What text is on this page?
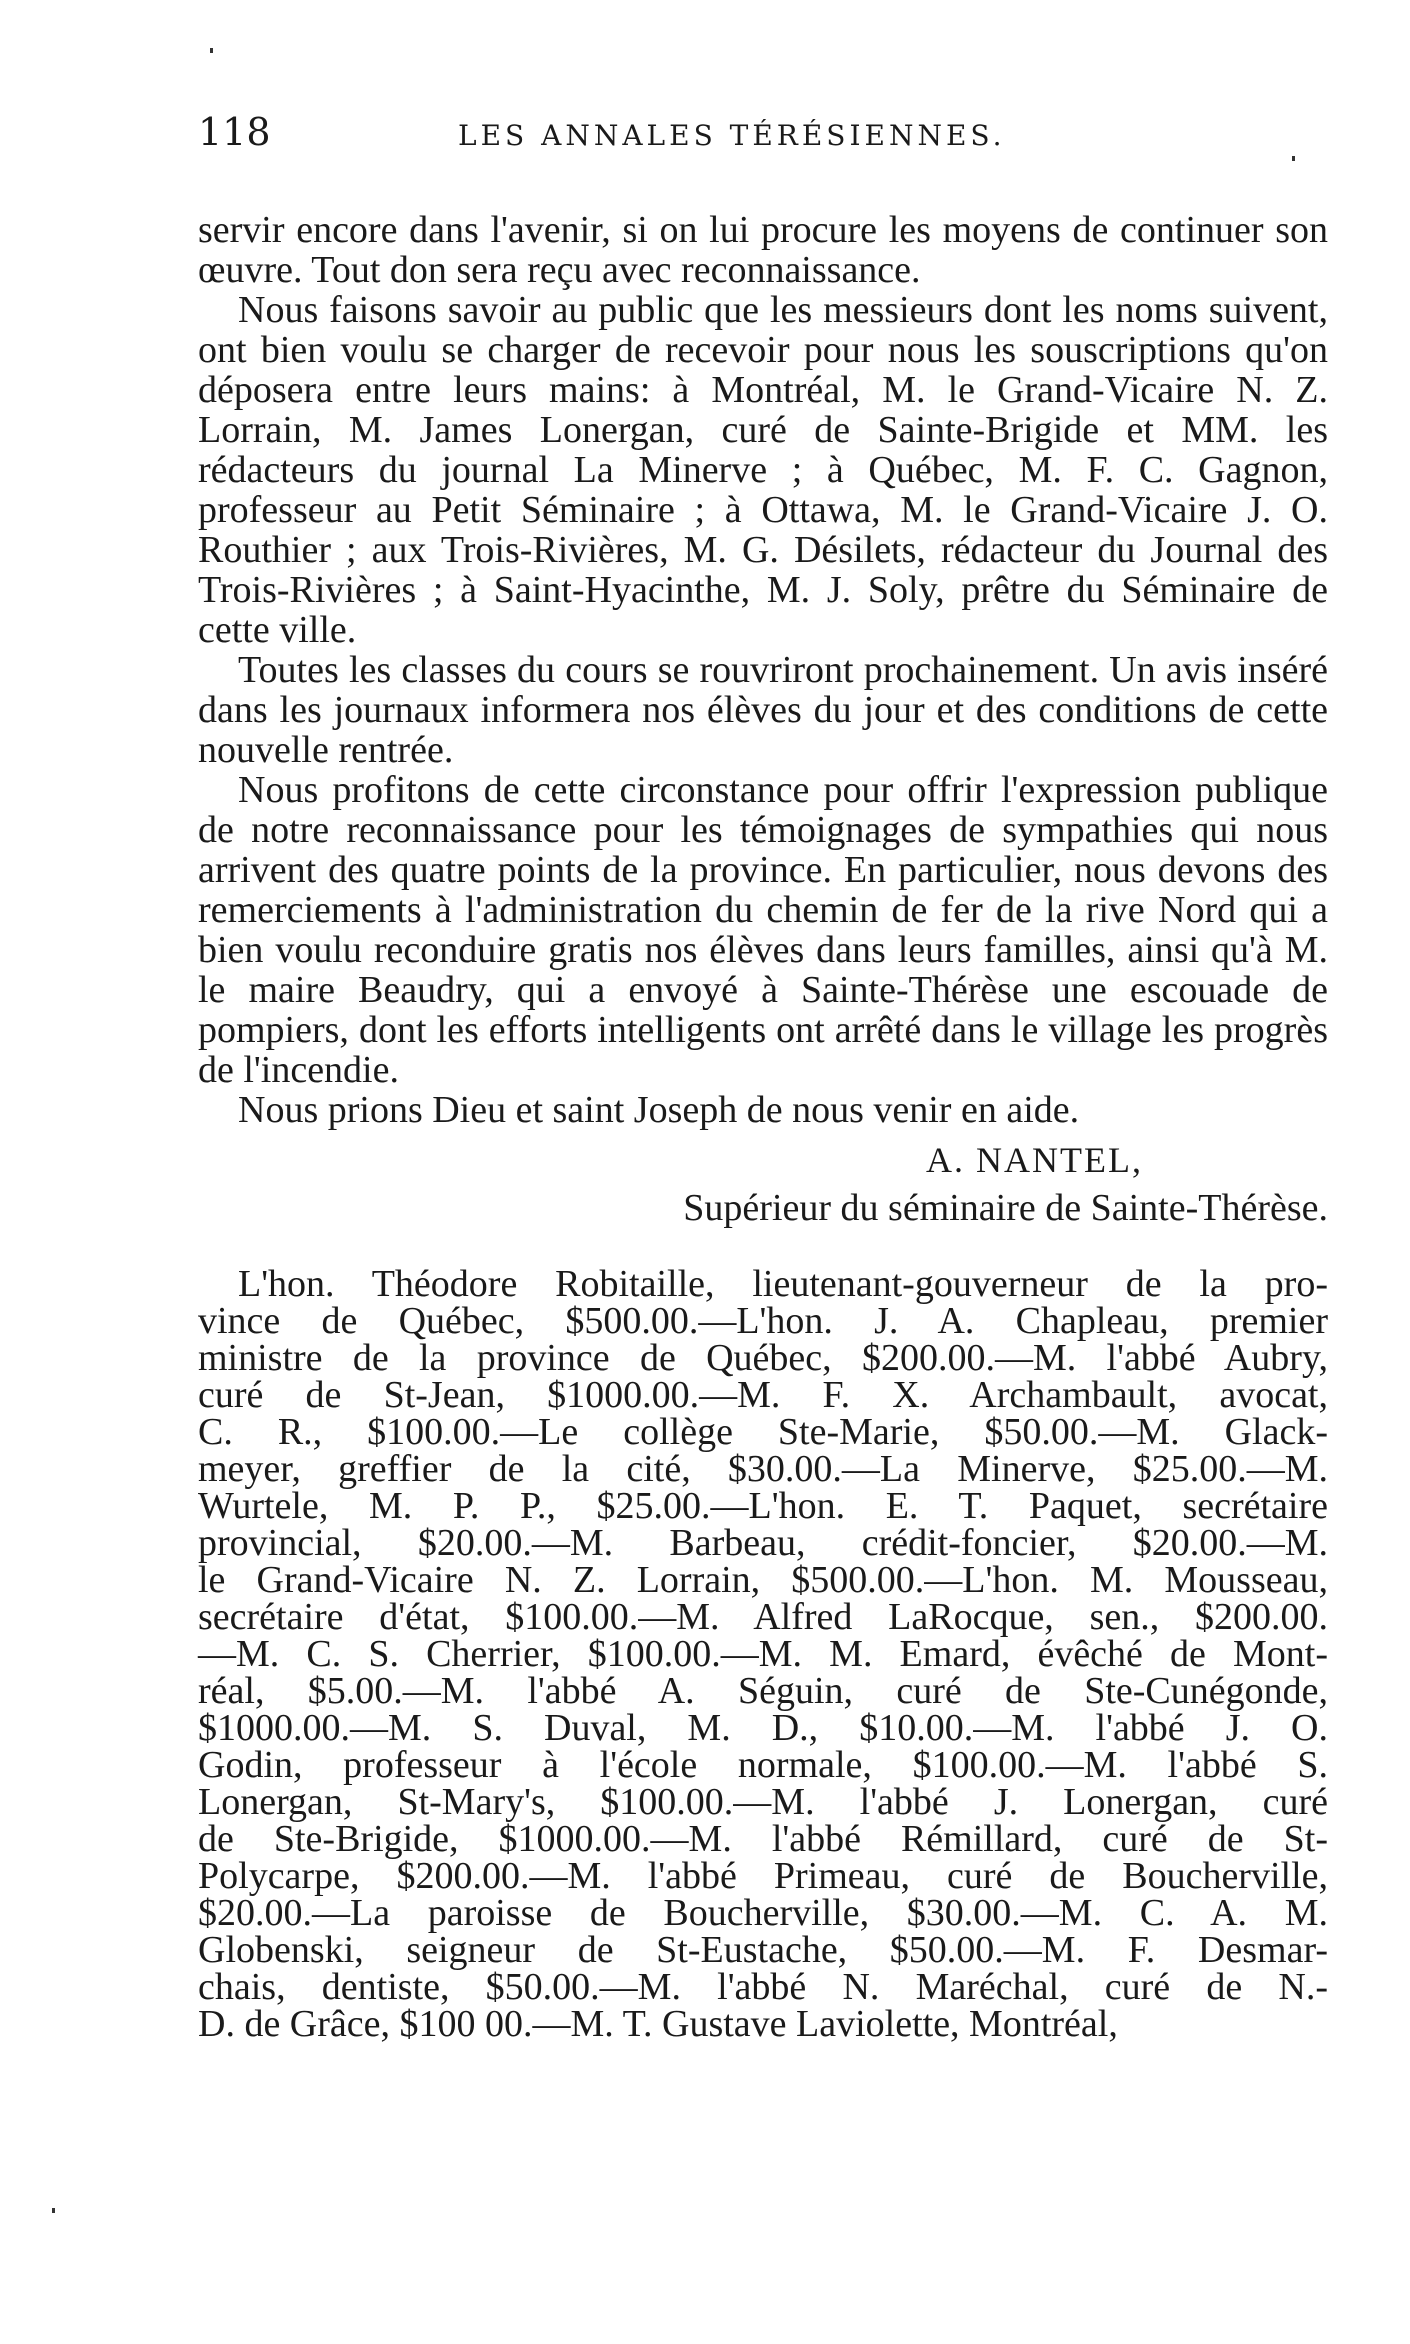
118	LES ANNALES TÉRÉSIENNES.

servir encore dans l'avenir, si on lui procure les moyens de continuer son œuvre. Tout don sera reçu avec reconnaissance.

Nous faisons savoir au public que les messieurs dont les noms suivent, ont bien voulu se charger de recevoir pour nous les souscriptions qu'on déposera entre leurs mains: à Montréal, M. le Grand-Vicaire N. Z. Lorrain, M. James Lonergan, curé de Sainte-Brigide et MM. les rédacteurs du journal La Minerve ; à Québec, M. F. C. Gagnon, professeur au Petit Séminaire ; à Ottawa, M. le Grand-Vicaire J. O. Routhier ; aux Trois-Rivières, M. G. Désilets, rédacteur du Journal des Trois-Rivières ; à Saint-Hyacinthe, M. J. Soly, prêtre du Séminaire de cette ville.

Toutes les classes du cours se rouvriront prochainement. Un avis inséré dans les journaux informera nos élèves du jour et des conditions de cette nouvelle rentrée.

Nous profitons de cette circonstance pour offrir l'expression publique de notre reconnaissance pour les témoignages de sympathies qui nous arrivent des quatre points de la province. En particulier, nous devons des remerciements à l'administration du chemin de fer de la rive Nord qui a bien voulu reconduire gratis nos élèves dans leurs familles, ainsi qu'à M. le maire Beaudry, qui a envoyé à Sainte-Thérèse une escouade de pompiers, dont les efforts intelligents ont arrêté dans le village les progrès de l'incendie.

Nous prions Dieu et saint Joseph de nous venir en aide.

A. NANTEL,
Supérieur du séminaire de Sainte-Thérèse.
L'hon. Théodore Robitaille, lieutenant-gouverneur de la pro-
vince de Québec, $500.00.—L'hon. J. A. Chapleau, premier
ministre de la province de Québec, $200.00.—M. l'abbé Aubry,
curé de St-Jean, $1000.00.—M. F. X. Archambault, avocat,
C. R., $100.00.—Le collège Ste-Marie, $50.00.—M. Glack-
meyer, greffier de la cité, $30.00.—La Minerve, $25.00.—M.
Wurtele, M. P. P., $25.00.—L'hon. E. T. Paquet, secrétaire
provincial, $20.00.—M. Barbeau, crédit-foncier, $20.00.—M.
le Grand-Vicaire N. Z. Lorrain, $500.00.—L'hon. M. Mousseau,
secrétaire d'état, $100.00.—M. Alfred LaRocque, sen., $200.00.
—M. C. S. Cherrier, $100.00.—M. M. Emard, évêché de Mont-
réal, $5.00.—M. l'abbé A. Séguin, curé de Ste-Cunégonde,
$1000.00.—M. S. Duval, M. D., $10.00.—M. l'abbé J. O.
Godin, professeur à l'école normale, $100.00.—M. l'abbé S.
Lonergan, St-Mary's, $100.00.—M. l'abbé J. Lonergan, curé
de Ste-Brigide, $1000.00.—M. l'abbé Rémillard, curé de St-
Polycarpe, $200.00.—M. l'abbé Primeau, curé de Boucherville,
$20.00.—La paroisse de Boucherville, $30.00.—M. C. A. M.
Globenski, seigneur de St-Eustache, $50.00.—M. F. Desmar-
chais, dentiste, $50.00.—M. l'abbé N. Maréchal, curé de N.-
D. de Grâce, $100 00.—M. T. Gustave Laviolette, Montréal,
